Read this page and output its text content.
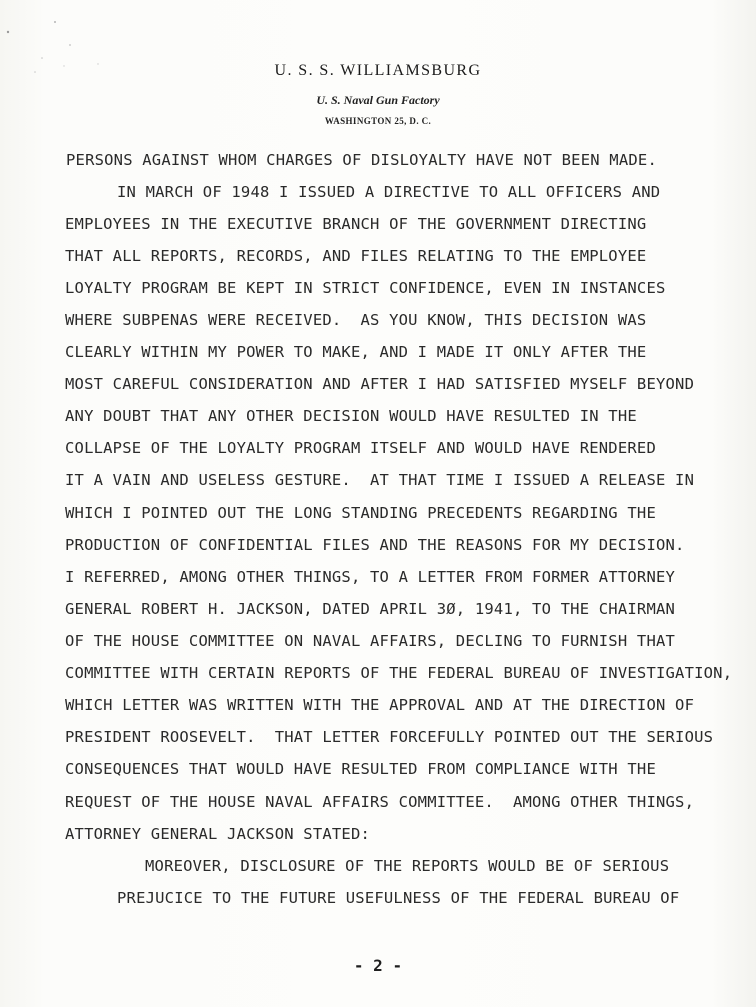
U. S. S. WILLIAMSBURG
U. S. Naval Gun Factory
WASHINGTON 25, D. C.
PERSONS AGAINST WHOM CHARGES OF DISLOYALTY HAVE NOT BEEN MADE.
IN MARCH OF 1948 I ISSUED A DIRECTIVE TO ALL OFFICERS AND
EMPLOYEES IN THE EXECUTIVE BRANCH OF THE GOVERNMENT DIRECTING
THAT ALL REPORTS, RECORDS, AND FILES RELATING TO THE EMPLOYEE
LOYALTY PROGRAM BE KEPT IN STRICT CONFIDENCE, EVEN IN INSTANCES
WHERE SUBPENAS WERE RECEIVED.  AS YOU KNOW, THIS DECISION WAS
CLEARLY WITHIN MY POWER TO MAKE, AND I MADE IT ONLY AFTER THE
MOST CAREFUL CONSIDERATION AND AFTER I HAD SATISFIED MYSELF BEYOND
ANY DOUBT THAT ANY OTHER DECISION WOULD HAVE RESULTED IN THE
COLLAPSE OF THE LOYALTY PROGRAM ITSELF AND WOULD HAVE RENDERED
IT A VAIN AND USELESS GESTURE.  AT THAT TIME I ISSUED A RELEASE IN
WHICH I POINTED OUT THE LONG STANDING PRECEDENTS REGARDING THE
PRODUCTION OF CONFIDENTIAL FILES AND THE REASONS FOR MY DECISION.
I REFERRED, AMONG OTHER THINGS, TO A LETTER FROM FORMER ATTORNEY
GENERAL ROBERT H. JACKSON, DATED APRIL 3Ø, 1941, TO THE CHAIRMAN
OF THE HOUSE COMMITTEE ON NAVAL AFFAIRS, DECLING TO FURNISH THAT
COMMITTEE WITH CERTAIN REPORTS OF THE FEDERAL BUREAU OF INVESTIGATION,
WHICH LETTER WAS WRITTEN WITH THE APPROVAL AND AT THE DIRECTION OF
PRESIDENT ROOSEVELT.  THAT LETTER FORCEFULLY POINTED OUT THE SERIOUS
CONSEQUENCES THAT WOULD HAVE RESULTED FROM COMPLIANCE WITH THE
REQUEST OF THE HOUSE NAVAL AFFAIRS COMMITTEE.  AMONG OTHER THINGS,
ATTORNEY GENERAL JACKSON STATED:
MOREOVER, DISCLOSURE OF THE REPORTS WOULD BE OF SERIOUS
PREJUCICE TO THE FUTURE USEFULNESS OF THE FEDERAL BUREAU OF
- 2 -
